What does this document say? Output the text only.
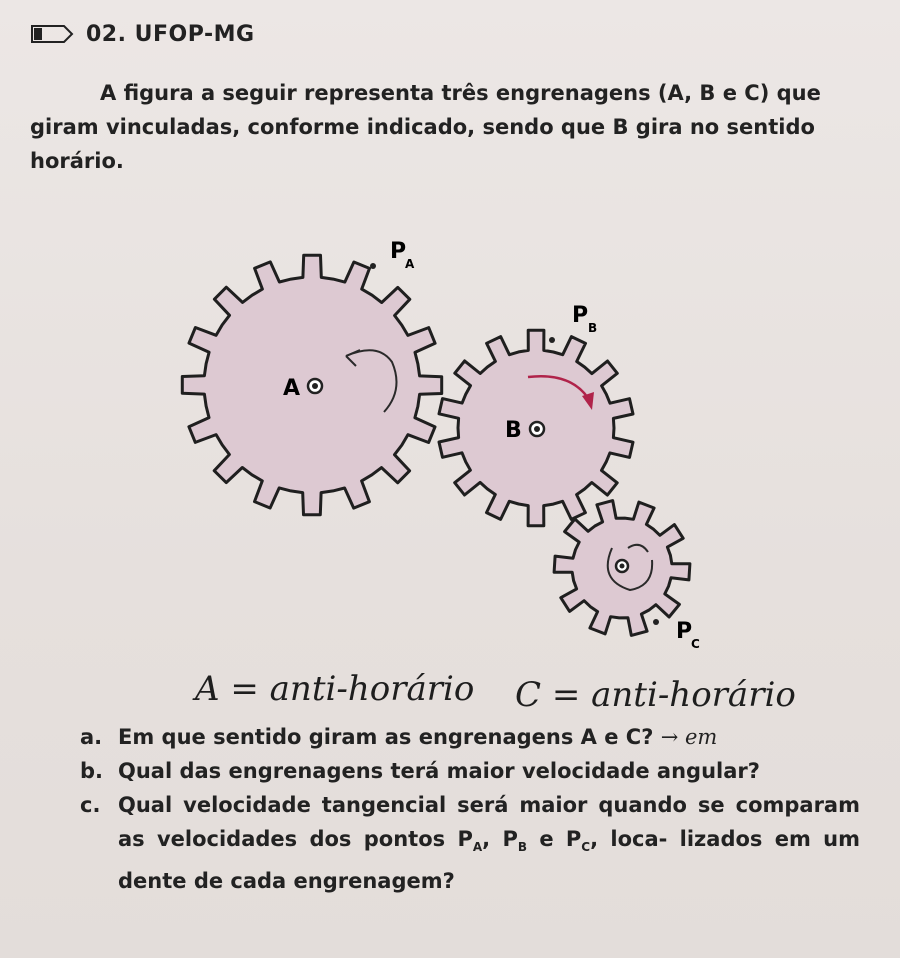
02. UFOP-MG
A figura a seguir representa três engrenagens (A, B e C) que giram vinculadas, conforme indicado, sendo que B gira no sentido horário.
A
B
P
A
P B
P
C
A = anti-horário C = anti-horário
a. Em que sentido giram as engrenagens A e C? → em
b. Qual das engrenagens terá maior velocidade angular?
c. Qual velocidade tangencial será maior quando se comparam as velocidades dos pontos $P_A$, $P_B$ e $P_C$, loca- lizados em um dente de cada engrenagem?
